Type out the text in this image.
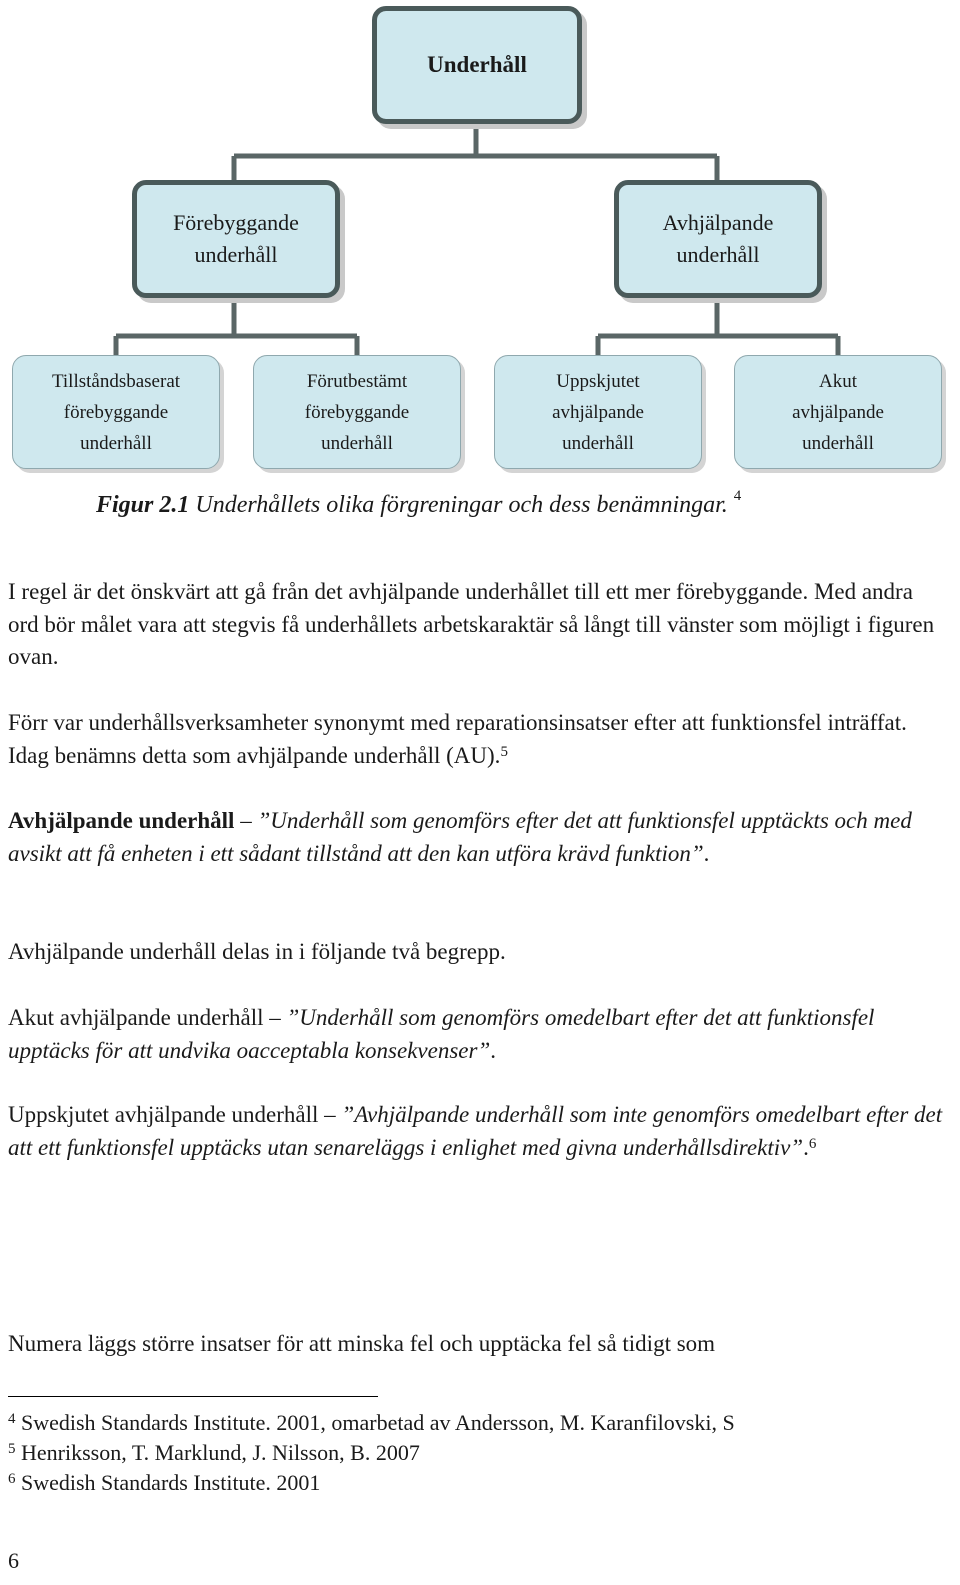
Underhåll
Förebyggande
underhåll
Avhjälpande
underhåll
Tillståndsbaserat
förebyggande
underhåll
Förutbestämt
förebyggande
underhåll
Uppskjutet
avhjälpande
underhåll
Akut
avhjälpande
underhåll
Figur 2.1 Underhållets olika förgreningar och dess benämningar. $^4$

I regel är det önskvärt att gå från det avhjälpande underhållet till ett mer förebyggande. Med andra ord bör målet vara att stegvis få underhållets arbetskaraktär så långt till vänster som möjligt i figuren ovan.

Förr var underhållsverksamheter synonymt med reparationsinsatser efter att funktionsfel inträffat. Idag benämns detta som avhjälpande underhåll (AU).$^5$

Avhjälpande underhåll – ”Underhåll som genomförs efter det att funktionsfel upptäckts och med avsikt att få enheten i ett sådant tillstånd att den kan utföra krävd funktion”.

Avhjälpande underhåll delas in i följande två begrepp.

Akut avhjälpande underhåll – ”Underhåll som genomförs omedelbart efter det att funktionsfel upptäcks för att undvika oacceptabla konsekvenser”.

Uppskjutet avhjälpande underhåll – ”Avhjälpande underhåll som inte genomförs omedelbart efter det att ett funktionsfel upptäcks utan senareläggs i enlighet med givna underhållsdirektiv”.$^6$

Numera läggs större insatser för att minska fel och upptäcka fel så tidigt som

$^4$ Swedish Standards Institute. 2001, omarbetad av Andersson, M. Karanfilovski, S
$^5$ Henriksson, T. Marklund, J. Nilsson, B. 2007
$^6$ Swedish Standards Institute. 2001
6
